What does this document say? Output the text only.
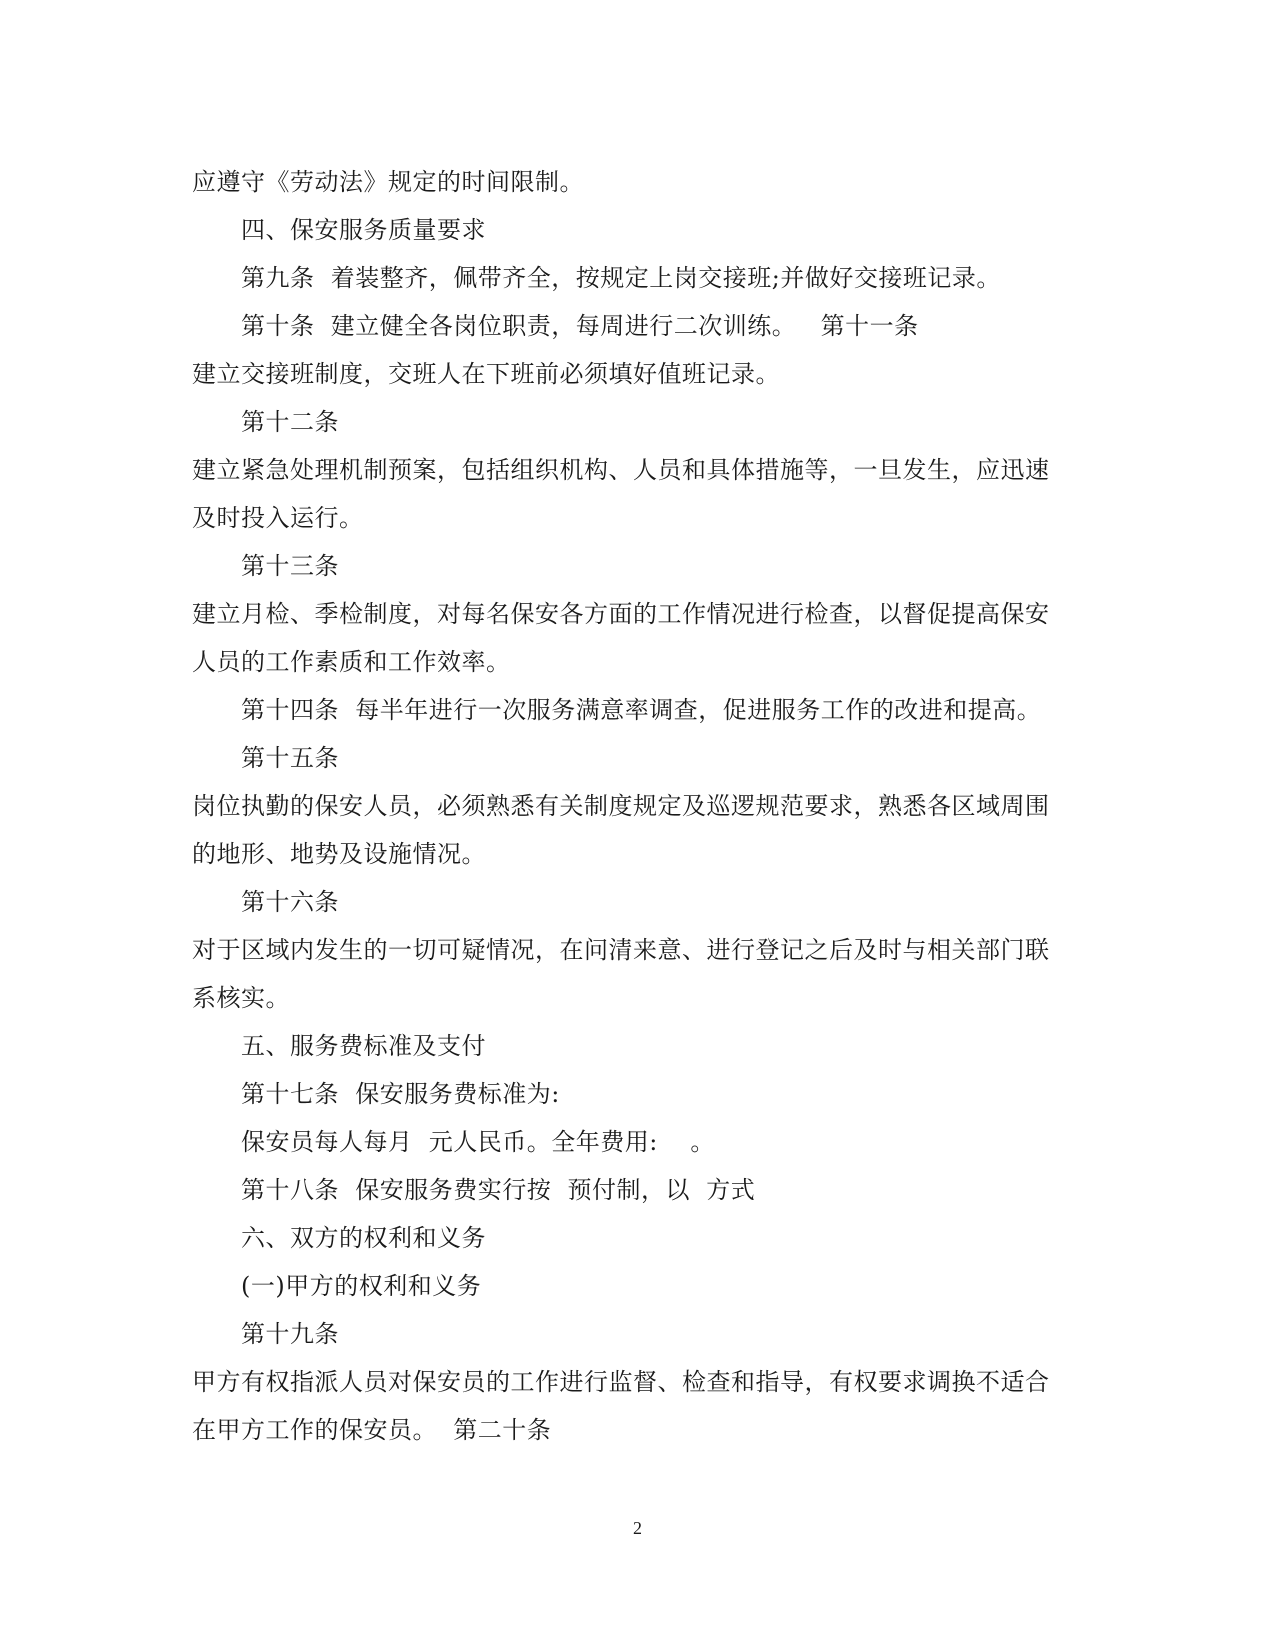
应遵守《劳动法》规定的时间限制。
四、保安服务质量要求
第九条  着装整齐，佩带齐全，按规定上岗交接班;并做好交接班记录。
第十条  建立健全各岗位职责，每周进行二次训练。   第十一条
建立交接班制度，交班人在下班前必须填好值班记录。
第十二条
建立紧急处理机制预案，包括组织机构、人员和具体措施等，一旦发生，应迅速
及时投入运行。
第十三条
建立月检、季检制度，对每名保安各方面的工作情况进行检查，以督促提高保安
人员的工作素质和工作效率。
第十四条  每半年进行一次服务满意率调查，促进服务工作的改进和提高。
第十五条
岗位执勤的保安人员，必须熟悉有关制度规定及巡逻规范要求，熟悉各区域周围
的地形、地势及设施情况。
第十六条
对于区域内发生的一切可疑情况，在问清来意、进行登记之后及时与相关部门联
系核实。
五、服务费标准及支付
第十七条  保安服务费标准为:
保安员每人每月  元人民币。全年费用:    。
第十八条  保安服务费实行按  预付制，以  方式
六、双方的权利和义务
(一)甲方的权利和义务
第十九条
甲方有权指派人员对保安员的工作进行监督、检查和指导，有权要求调换不适合
在甲方工作的保安员。  第二十条
2
